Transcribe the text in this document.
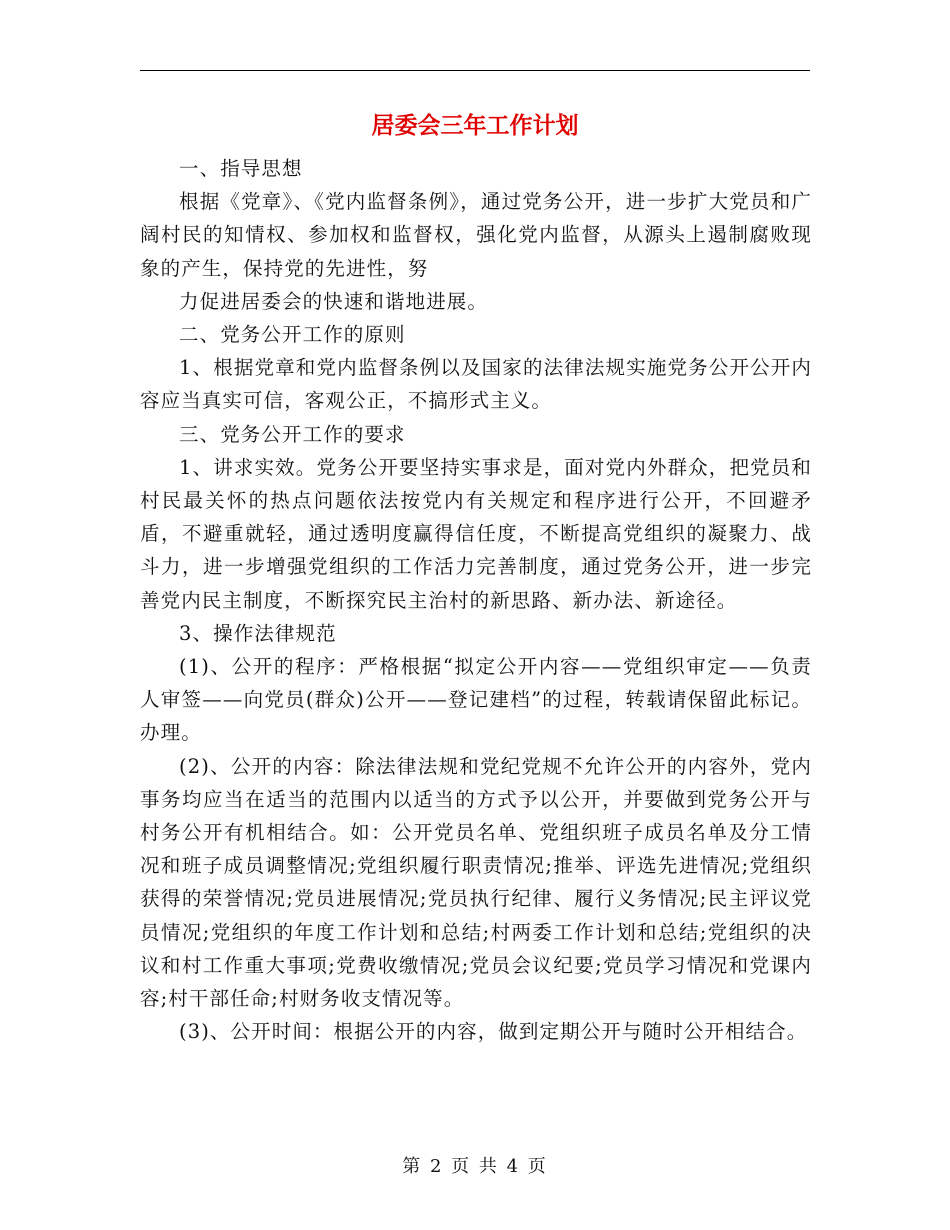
居委会三年工作计划

一、指导思想

根据《党章》、《党内监督条例》，通过党务公开，进一步扩大党员和广阔村民的知情权、参加权和监督权，强化党内监督，从源头上遏制腐败现象的产生，保持党的先进性，努

力促进居委会的快速和谐地进展。

二、党务公开工作的原则

1、根据党章和党内监督条例以及国家的法律法规实施党务公开公开内容应当真实可信，客观公正，不搞形式主义。

三、党务公开工作的要求

1、讲求实效。党务公开要坚持实事求是，面对党内外群众，把党员和村民最关怀的热点问题依法按党内有关规定和程序进行公开，不回避矛盾，不避重就轻，通过透明度赢得信任度，不断提高党组织的凝聚力、战斗力，进一步增强党组织的工作活力完善制度，通过党务公开，进一步完善党内民主制度，不断探究民主治村的新思路、新办法、新途径。

3、操作法律规范

(1)、公开的程序：严格根据“拟定公开内容——党组织审定——负责人审签——向党员(群众)公开——登记建档”的过程，转载请保留此标记。办理。

(2)、公开的内容：除法律法规和党纪党规不允许公开的内容外，党内事务均应当在适当的范围内以适当的方式予以公开，并要做到党务公开与村务公开有机相结合。如：公开党员名单、党组织班子成员名单及分工情况和班子成员调整情况;党组织履行职责情况;推举、评选先进情况;党组织获得的荣誉情况;党员进展情况;党员执行纪律、履行义务情况;民主评议党员情况;党组织的年度工作计划和总结;村两委工作计划和总结;党组织的决议和村工作重大事项;党费收缴情况;党员会议纪要;党员学习情况和党课内容;村干部任命;村财务收支情况等。

(3)、公开时间：根据公开的内容，做到定期公开与随时公开相结合。

第 2 页 共 4 页
